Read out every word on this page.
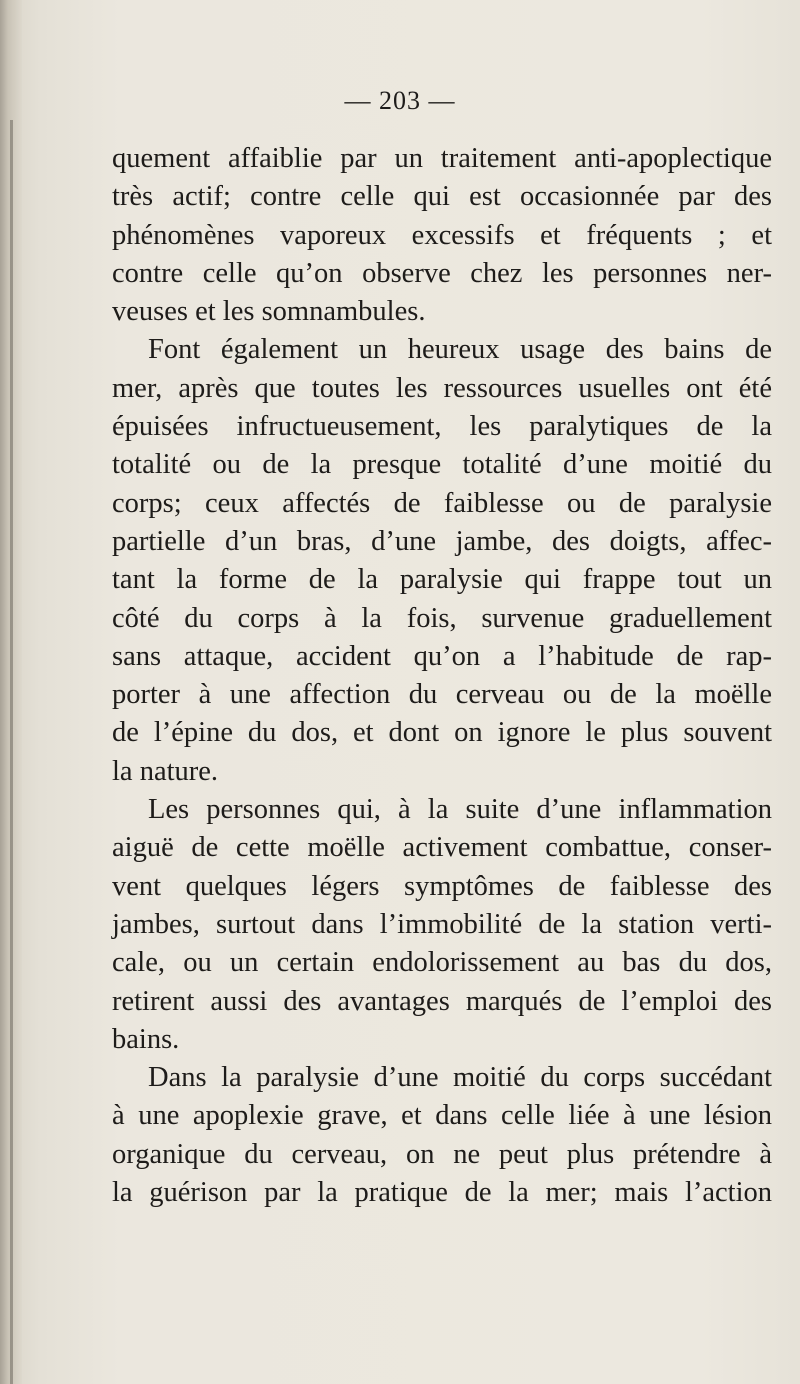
— 203 —
quement affaiblie par un traitement anti-apoplectique
très actif; contre celle qui est occasionnée par des
phénomènes vaporeux excessifs et fréquents ; et
contre celle qu’on observe chez les personnes ner-
veuses et les somnambules.
Font également un heureux usage des bains de
mer, après que toutes les ressources usuelles ont été
épuisées infructueusement, les paralytiques de la
totalité ou de la presque totalité d’une moitié du
corps; ceux affectés de faiblesse ou de paralysie
partielle d’un bras, d’une jambe, des doigts, affec-
tant la forme de la paralysie qui frappe tout un
côté du corps à la fois, survenue graduellement
sans attaque, accident qu’on a l’habitude de rap-
porter à une affection du cerveau ou de la moëlle
de l’épine du dos, et dont on ignore le plus souvent
la nature.
Les personnes qui, à la suite d’une inflammation
aiguë de cette moëlle activement combattue, conser-
vent quelques légers symptômes de faiblesse des
jambes, surtout dans l’immobilité de la station verti-
cale, ou un certain endolorissement au bas du dos,
retirent aussi des avantages marqués de l’emploi des
bains.
Dans la paralysie d’une moitié du corps succédant
à une apoplexie grave, et dans celle liée à une lésion
organique du cerveau, on ne peut plus prétendre à
la guérison par la pratique de la mer; mais l’action
